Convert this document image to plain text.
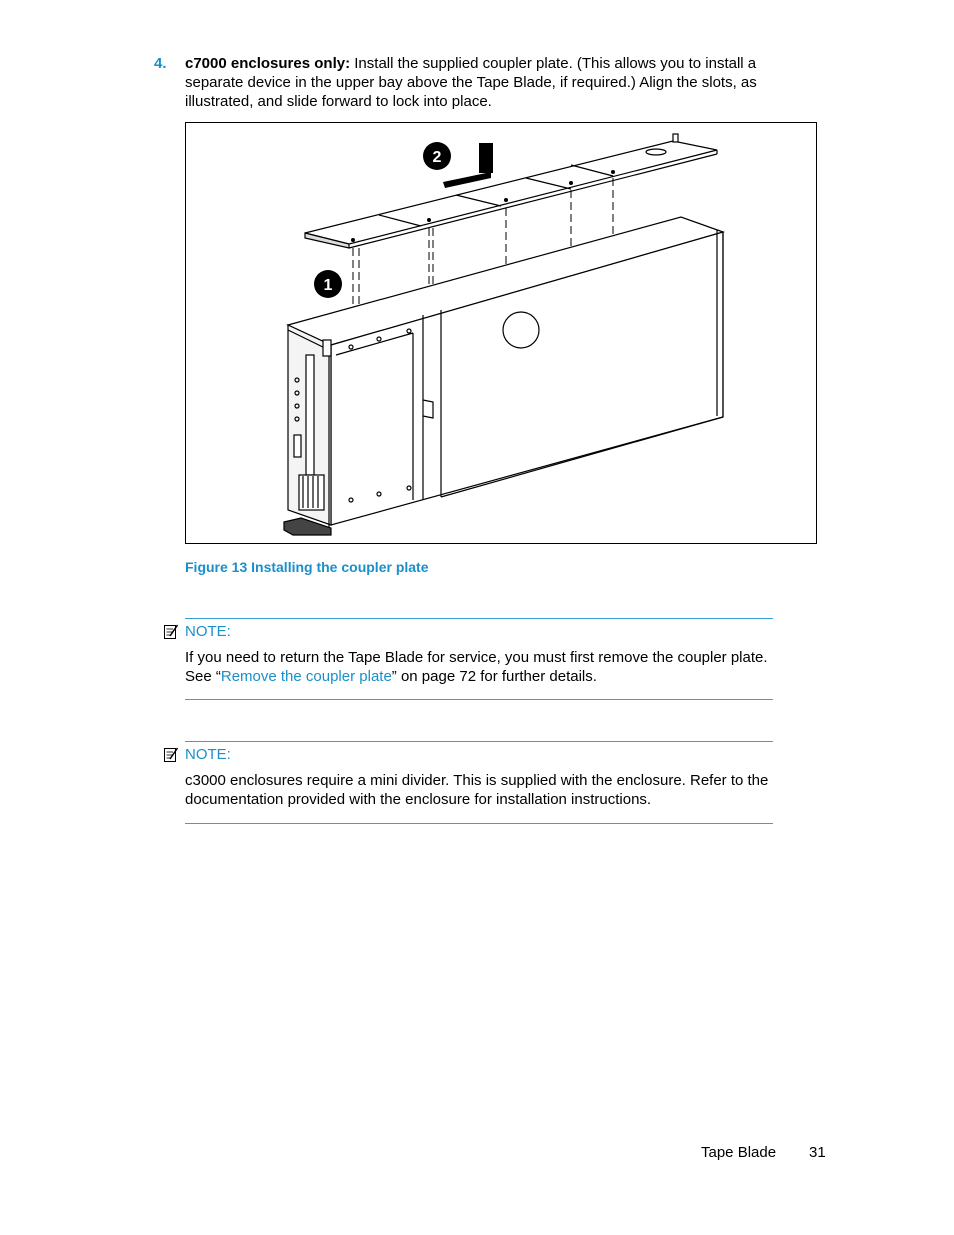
4. c7000 enclosures only: Install the supplied coupler plate. (This allows you to install a separate device in the upper bay above the Tape Blade, if required.) Align the slots, as illustrated, and slide forward to lock into place.
1
2
Figure 13 Installing the coupler plate
NOTE:
If you need to return the Tape Blade for service, you must first remove the coupler plate. See “Remove the coupler plate” on page 72 for further details.
NOTE:
c3000 enclosures require a mini divider. This is supplied with the enclosure. Refer to the documentation provided with the enclosure for installation instructions.
Tape Blade 31
